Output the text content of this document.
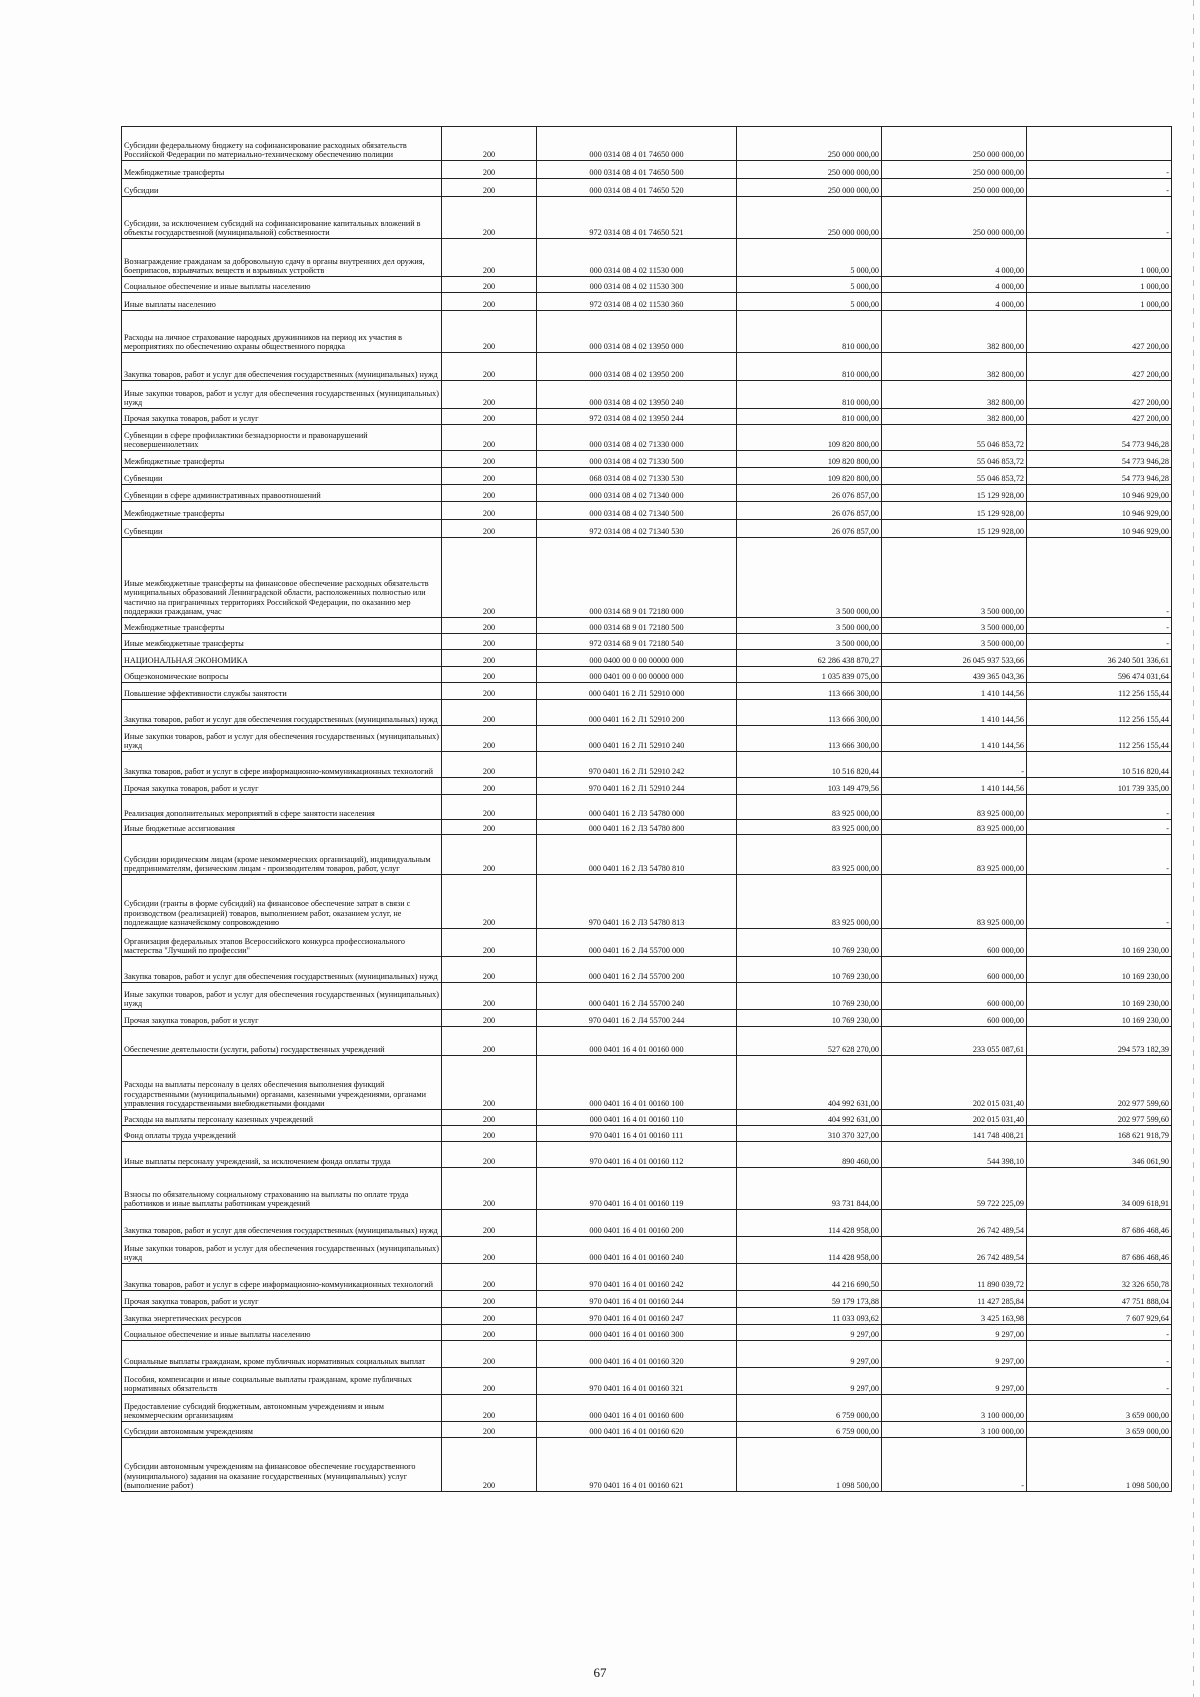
Субсидии федеральному бюджету на софинансирование расходных обязательств Российской Федерации по материально-техническому обеспечению полиции	200	000 0314 08 4 01 74650 000	250 000 000,00	250 000 000,00	
Межбюджетные трансферты	200	000 0314 08 4 01 74650 500	250 000 000,00	250 000 000,00	-
Субсидии	200	000 0314 08 4 01 74650 520	250 000 000,00	250 000 000,00	-
Субсидии, за исключением субсидий на софинансирование капитальных вложений в объекты государственной (муниципальной) собственности	200	972 0314 08 4 01 74650 521	250 000 000,00	250 000 000,00	-
Вознаграждение гражданам за добровольную сдачу в органы внутренних дел оружия, боеприпасов, взрывчатых веществ и взрывных устройств	200	000 0314 08 4 02 11530 000	5 000,00	4 000,00	1 000,00
Социальное обеспечение и иные выплаты населению	200	000 0314 08 4 02 11530 300	5 000,00	4 000,00	1 000,00
Иные выплаты населению	200	972 0314 08 4 02 11530 360	5 000,00	4 000,00	1 000,00
Расходы на личное страхование народных дружинников на период их участия в мероприятиях по обеспечению охраны общественного порядка	200	000 0314 08 4 02 13950 000	810 000,00	382 800,00	427 200,00
Закупка товаров, работ и услуг для обеспечения государственных (муниципальных) нужд	200	000 0314 08 4 02 13950 200	810 000,00	382 800,00	427 200,00
Иные закупки товаров, работ и услуг для обеспечения государственных (муниципальных) нужд	200	000 0314 08 4 02 13950 240	810 000,00	382 800,00	427 200,00
Прочая закупка товаров, работ и услуг	200	972 0314 08 4 02 13950 244	810 000,00	382 800,00	427 200,00
Субвенции в сфере профилактики безнадзорности и правонарушений несовершеннолетних	200	000 0314 08 4 02 71330 000	109 820 800,00	55 046 853,72	54 773 946,28
Межбюджетные трансферты	200	000 0314 08 4 02 71330 500	109 820 800,00	55 046 853,72	54 773 946,28
Субвенции	200	068 0314 08 4 02 71330 530	109 820 800,00	55 046 853,72	54 773 946,28
Субвенции в сфере административных правоотношений	200	000 0314 08 4 02 71340 000	26 076 857,00	15 129 928,00	10 946 929,00
Межбюджетные трансферты	200	000 0314 08 4 02 71340 500	26 076 857,00	15 129 928,00	10 946 929,00
Субвенции	200	972 0314 08 4 02 71340 530	26 076 857,00	15 129 928,00	10 946 929,00
Иные межбюджетные трансферты на финансовое обеспечение расходных обязательств муниципальных образований Ленинградской области, расположенных полностью или частично на приграничных территориях Российской Федерации, по оказанию мер поддержки гражданам, учас	200	000 0314 68 9 01 72180 000	3 500 000,00	3 500 000,00	-
Межбюджетные трансферты	200	000 0314 68 9 01 72180 500	3 500 000,00	3 500 000,00	-
Иные межбюджетные трансферты	200	972 0314 68 9 01 72180 540	3 500 000,00	3 500 000,00	-
НАЦИОНАЛЬНАЯ ЭКОНОМИКА	200	000 0400 00 0 00 00000 000	62 286 438 870,27	26 045 937 533,66	36 240 501 336,61
Общеэкономические вопросы	200	000 0401 00 0 00 00000 000	1 035 839 075,00	439 365 043,36	596 474 031,64
Повышение эффективности службы занятости	200	000 0401 16 2 Л1 52910 000	113 666 300,00	1 410 144,56	112 256 155,44
Закупка товаров, работ и услуг для обеспечения государственных (муниципальных) нужд	200	000 0401 16 2 Л1 52910 200	113 666 300,00	1 410 144,56	112 256 155,44
Иные закупки товаров, работ и услуг для обеспечения государственных (муниципальных) нужд	200	000 0401 16 2 Л1 52910 240	113 666 300,00	1 410 144,56	112 256 155,44
Закупка товаров, работ и услуг в сфере информационно-коммуникационных технологий	200	970 0401 16 2 Л1 52910 242	10 516 820,44	-	10 516 820,44
Прочая закупка товаров, работ и услуг	200	970 0401 16 2 Л1 52910 244	103 149 479,56	1 410 144,56	101 739 335,00
Реализация дополнительных мероприятий в сфере занятости населения	200	000 0401 16 2 Л3 54780 000	83 925 000,00	83 925 000,00	-
Иные бюджетные ассигнования	200	000 0401 16 2 Л3 54780 800	83 925 000,00	83 925 000,00	-
Субсидии юридическим лицам (кроме некоммерческих организаций), индивидуальным предпринимателям, физическим лицам - производителям товаров, работ, услуг	200	000 0401 16 2 Л3 54780 810	83 925 000,00	83 925 000,00	-
Субсидии (гранты в форме субсидий) на финансовое обеспечение затрат в связи с производством (реализацией) товаров, выполнением работ, оказанием услуг, не подлежащие казначейскому сопровождению	200	970 0401 16 2 Л3 54780 813	83 925 000,00	83 925 000,00	-
Организация федеральных этапов Всероссийского конкурса профессионального мастерства "Лучший по профессии"	200	000 0401 16 2 Л4 55700 000	10 769 230,00	600 000,00	10 169 230,00
Закупка товаров, работ и услуг для обеспечения государственных (муниципальных) нужд	200	000 0401 16 2 Л4 55700 200	10 769 230,00	600 000,00	10 169 230,00
Иные закупки товаров, работ и услуг для обеспечения государственных (муниципальных) нужд	200	000 0401 16 2 Л4 55700 240	10 769 230,00	600 000,00	10 169 230,00
Прочая закупка товаров, работ и услуг	200	970 0401 16 2 Л4 55700 244	10 769 230,00	600 000,00	10 169 230,00
Обеспечение деятельности (услуги, работы) государственных учреждений	200	000 0401 16 4 01 00160 000	527 628 270,00	233 055 087,61	294 573 182,39
Расходы на выплаты персоналу в целях обеспечения выполнения функций государственными (муниципальными) органами, казенными учреждениями, органами управления государственными внебюджетными фондами	200	000 0401 16 4 01 00160 100	404 992 631,00	202 015 031,40	202 977 599,60
Расходы на выплаты персоналу казенных учреждений	200	000 0401 16 4 01 00160 110	404 992 631,00	202 015 031,40	202 977 599,60
Фонд оплаты труда учреждений	200	970 0401 16 4 01 00160 111	310 370 327,00	141 748 408,21	168 621 918,79
Иные выплаты персоналу учреждений, за исключением фонда оплаты труда	200	970 0401 16 4 01 00160 112	890 460,00	544 398,10	346 061,90
Взносы по обязательному социальному страхованию на выплаты по оплате труда работников и иные выплаты работникам учреждений	200	970 0401 16 4 01 00160 119	93 731 844,00	59 722 225,09	34 009 618,91
Закупка товаров, работ и услуг для обеспечения государственных (муниципальных) нужд	200	000 0401 16 4 01 00160 200	114 428 958,00	26 742 489,54	87 686 468,46
Иные закупки товаров, работ и услуг для обеспечения государственных (муниципальных) нужд	200	000 0401 16 4 01 00160 240	114 428 958,00	26 742 489,54	87 686 468,46
Закупка товаров, работ и услуг в сфере информационно-коммуникационных технологий	200	970 0401 16 4 01 00160 242	44 216 690,50	11 890 039,72	32 326 650,78
Прочая закупка товаров, работ и услуг	200	970 0401 16 4 01 00160 244	59 179 173,88	11 427 285,84	47 751 888,04
Закупка энергетических ресурсов	200	970 0401 16 4 01 00160 247	11 033 093,62	3 425 163,98	7 607 929,64
Социальное обеспечение и иные выплаты населению	200	000 0401 16 4 01 00160 300	9 297,00	9 297,00	-
Социальные выплаты гражданам, кроме публичных нормативных социальных выплат	200	000 0401 16 4 01 00160 320	9 297,00	9 297,00	-
Пособия, компенсации и иные социальные выплаты гражданам, кроме публичных нормативных обязательств	200	970 0401 16 4 01 00160 321	9 297,00	9 297,00	-
Предоставление субсидий бюджетным, автономным учреждениям и иным некоммерческим организациям	200	000 0401 16 4 01 00160 600	6 759 000,00	3 100 000,00	3 659 000,00
Субсидии автономным учреждениям	200	000 0401 16 4 01 00160 620	6 759 000,00	3 100 000,00	3 659 000,00
Субсидии автономным учреждениям на финансовое обеспечение государственного (муниципального) задания на оказание государственных (муниципальных) услуг (выполнение работ)	200	970 0401 16 4 01 00160 621	1 098 500,00	-	1 098 500,00
67
